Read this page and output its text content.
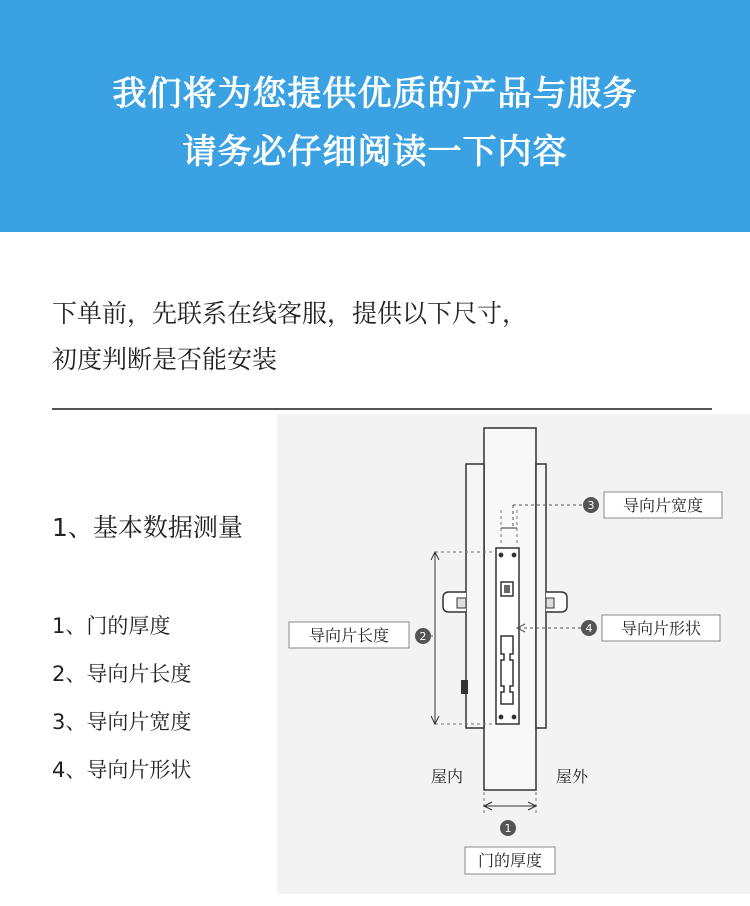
我们将为您提供优质的产品与服务
请务必仔细阅读一下内容
下单前，先联系在线客服，提供以下尺寸，
初度判断是否能安装
1、基本数据测量
1、门的厚度
2、导向片长度
3、导向片宽度
4、导向片形状
3
4
2
1
导向片宽度
导向片形状
导向片长度
门的厚度
屋内	屋外
